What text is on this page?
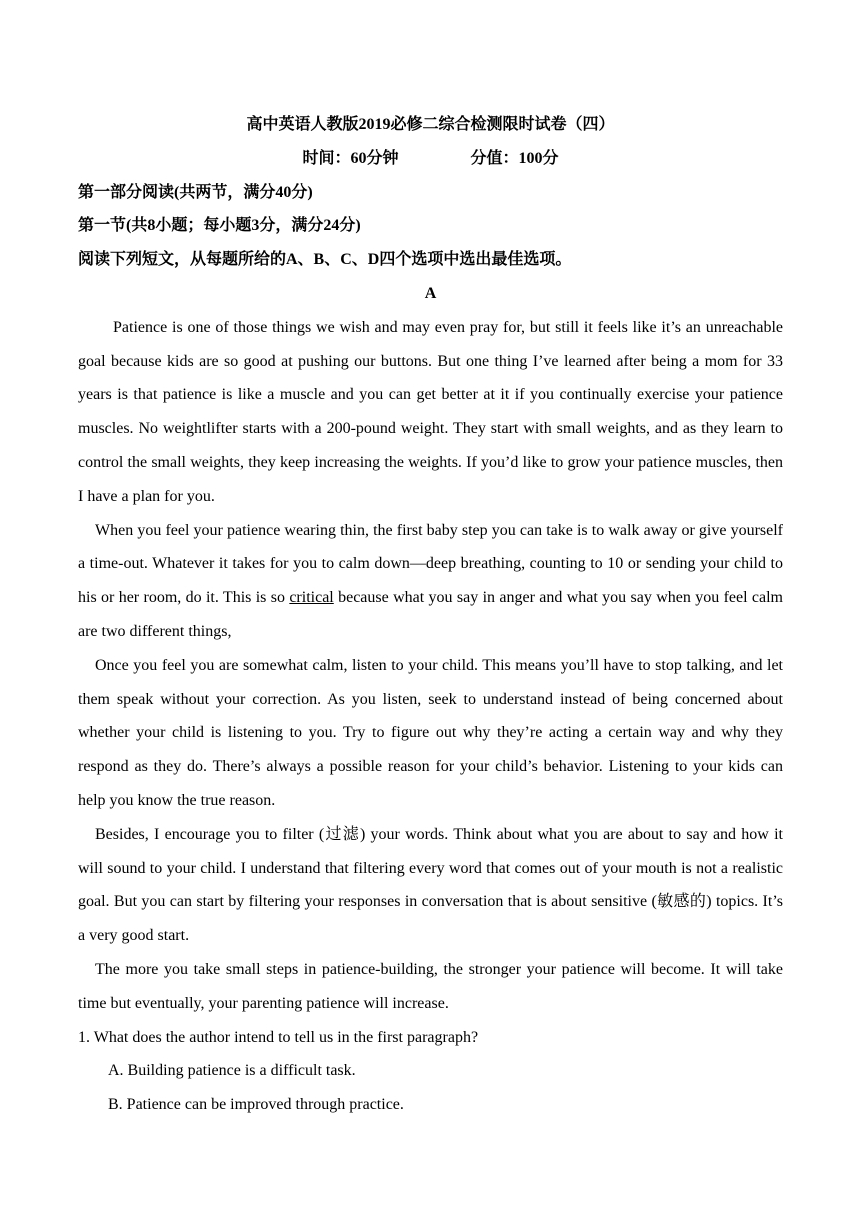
高中英语人教版2019必修二综合检测限时试卷（四）
时间：60分钟	分值：100分
第一部分阅读(共两节，满分40分)
第一节(共8小题；每小题3分，满分24分)
阅读下列短文，从每题所给的A、B、C、D四个选项中选出最佳选项。
A

Patience is one of those things we wish and may even pray for, but still it feels like it’s an unreachable goal because kids are so good at pushing our buttons. But one thing I’ve learned after being a mom for 33 years is that patience is like a muscle and you can get better at it if you continually exercise your patience muscles. No weightlifter starts with a 200-pound weight. They start with small weights, and as they learn to control the small weights, they keep increasing the weights. If you’d like to grow your patience muscles, then I have a plan for you.

When you feel your patience wearing thin, the first baby step you can take is to walk away or give yourself a time-out. Whatever it takes for you to calm down—deep breathing, counting to 10 or sending your child to his or her room, do it. This is so critical because what you say in anger and what you say when you feel calm are two different things,

Once you feel you are somewhat calm, listen to your child. This means you’ll have to stop talking, and let them speak without your correction. As you listen, seek to understand instead of being concerned about whether your child is listening to you. Try to figure out why they’re acting a certain way and why they respond as they do. There’s always a possible reason for your child’s behavior. Listening to your kids can help you know the true reason.

Besides, I encourage you to filter (过滤) your words. Think about what you are about to say and how it will sound to your child. I understand that filtering every word that comes out of your mouth is not a realistic goal. But you can start by filtering your responses in conversation that is about sensitive (敏感的) topics. It’s a very good start.

The more you take small steps in patience-building, the stronger your patience will become. It will take time but eventually, your parenting patience will increase.

1. What does the author intend to tell us in the first paragraph?
A. Building patience is a difficult task.
B. Patience can be improved through practice.
